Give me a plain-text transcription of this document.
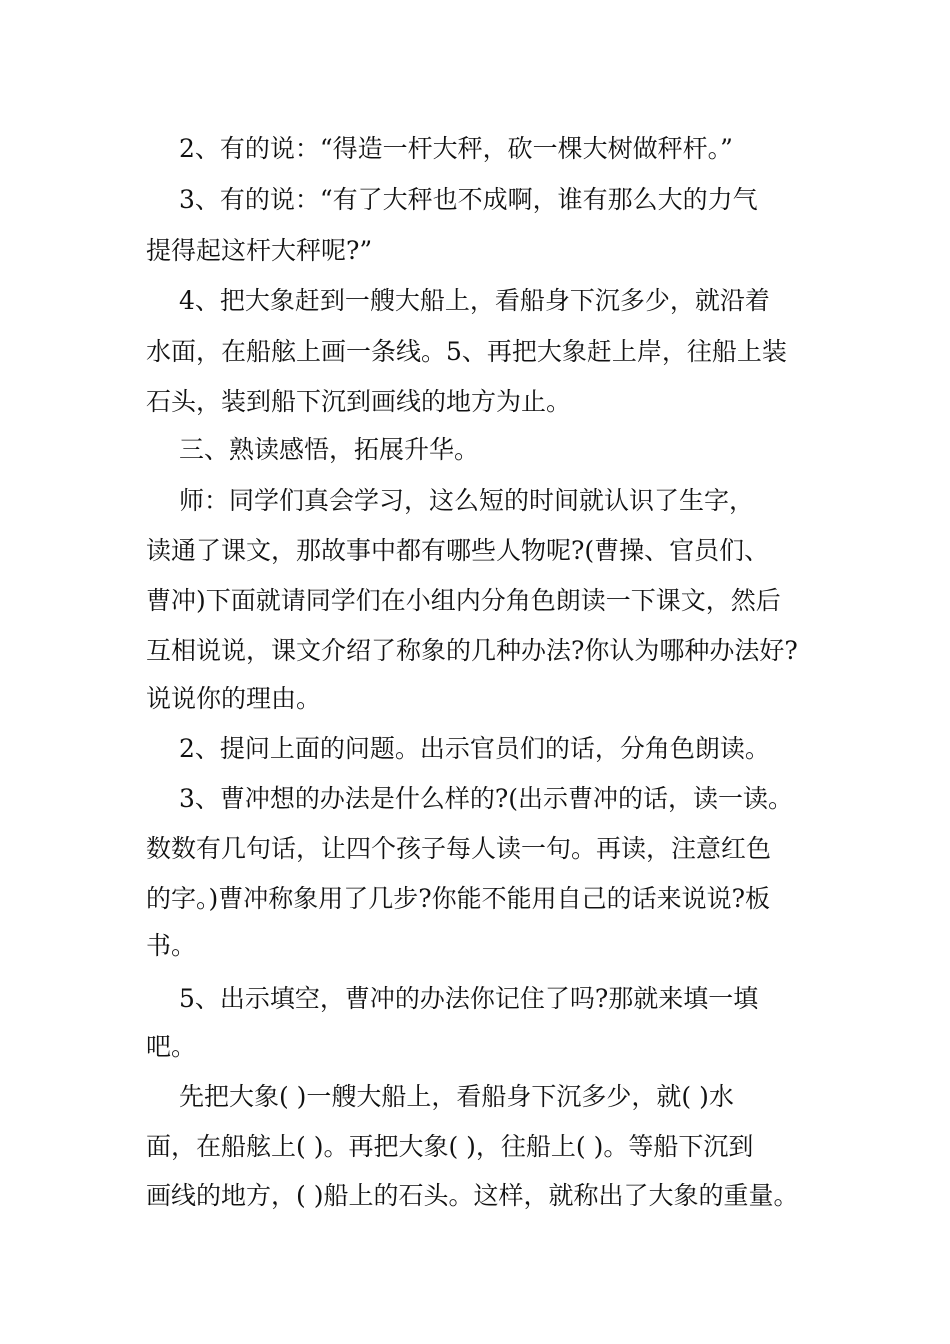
　 2、有的说：“得造一杆大秤，砍一棵大树做秤杆。”
　 3、有的说：“有了大秤也不成啊，谁有那么大的力气
提得起这杆大秤呢?”
　 4、把大象赶到一艘大船上，看船身下沉多少，就沿着
水面，在船舷上画一条线。5、再把大象赶上岸，往船上装
石头，装到船下沉到画线的地方为止。
　 三、熟读感悟，拓展升华。
　 师：同学们真会学习，这么短的时间就认识了生字，
读通了课文，那故事中都有哪些人物呢?(曹操、官员们、
曹冲)下面就请同学们在小组内分角色朗读一下课文，然后
互相说说，课文介绍了称象的几种办法?你认为哪种办法好?
说说你的理由。
　 2、提问上面的问题。出示官员们的话，分角色朗读。
　 3、曹冲想的办法是什么样的?(出示曹冲的话，读一读。
数数有几句话，让四个孩子每人读一句。再读，注意红色
的字。)曹冲称象用了几步?你能不能用自己的话来说说?板
书。
　 5、出示填空，曹冲的办法你记住了吗?那就来填一填
吧。
　 先把大象( )一艘大船上，看船身下沉多少，就( )水
面，在船舷上( )。再把大象( )，往船上( )。等船下沉到
画线的地方，( )船上的石头。这样，就称出了大象的重量。
